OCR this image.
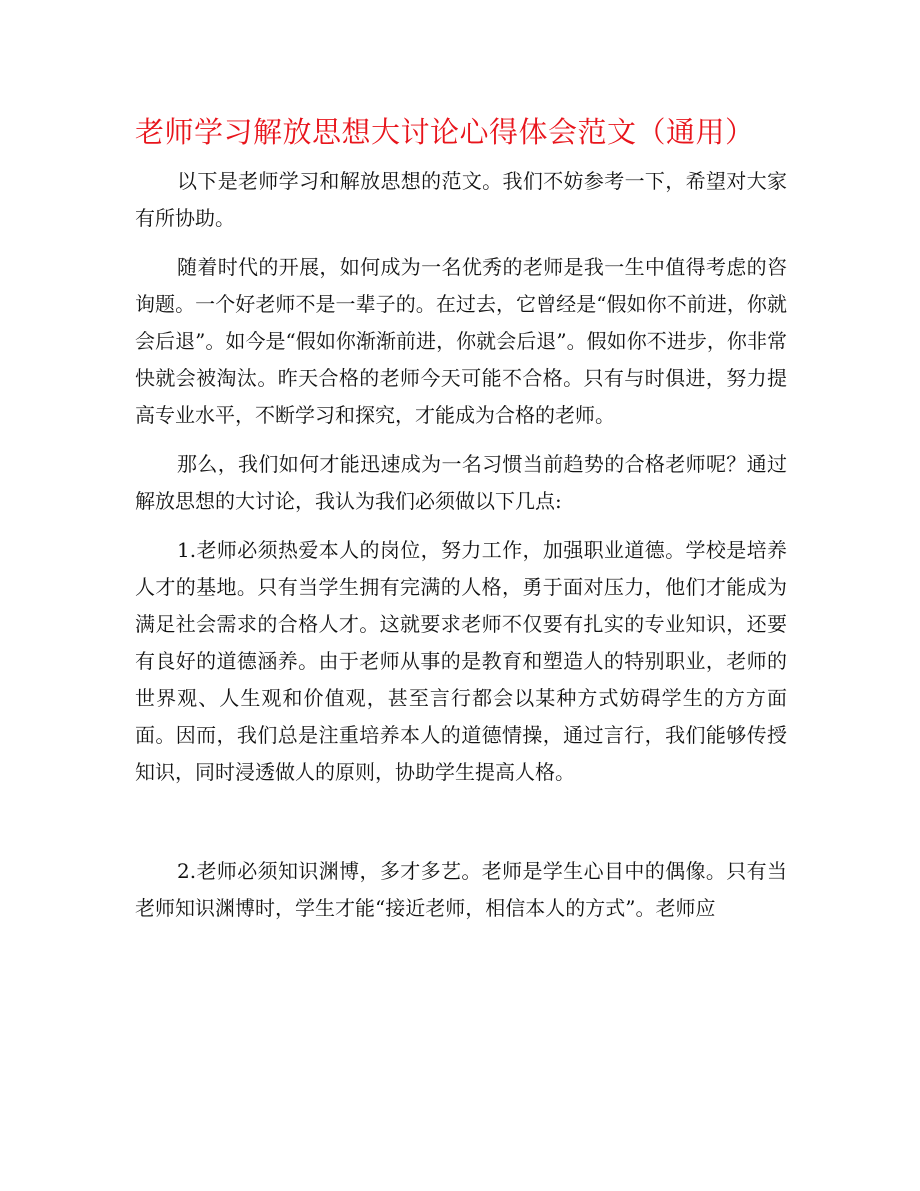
老师学习解放思想大讨论心得体会范文（通用）

以下是老师学习和解放思想的范文。我们不妨参考一下，希望对大家有所协助。

随着时代的开展，如何成为一名优秀的老师是我一生中值得考虑的咨询题。一个好老师不是一辈子的。在过去，它曾经是“假如你不前进，你就会后退”。如今是“假如你渐渐前进，你就会后退”。假如你不进步，你非常快就会被淘汰。昨天合格的老师今天可能不合格。只有与时俱进，努力提高专业水平，不断学习和探究，才能成为合格的老师。

那么，我们如何才能迅速成为一名习惯当前趋势的合格老师呢？通过解放思想的大讨论，我认为我们必须做以下几点:

1.老师必须热爱本人的岗位，努力工作，加强职业道德。学校是培养人才的基地。只有当学生拥有完满的人格，勇于面对压力，他们才能成为满足社会需求的合格人才。这就要求老师不仅要有扎实的专业知识，还要有良好的道德涵养。由于老师从事的是教育和塑造人的特别职业，老师的世界观、人生观和价值观，甚至言行都会以某种方式妨碍学生的方方面面。因而，我们总是注重培养本人的道德情操，通过言行，我们能够传授知识，同时浸透做人的原则，协助学生提高人格。

2.老师必须知识渊博，多才多艺。老师是学生心目中的偶像。只有当老师知识渊博时，学生才能“接近老师，相信本人的方式”。老师应
